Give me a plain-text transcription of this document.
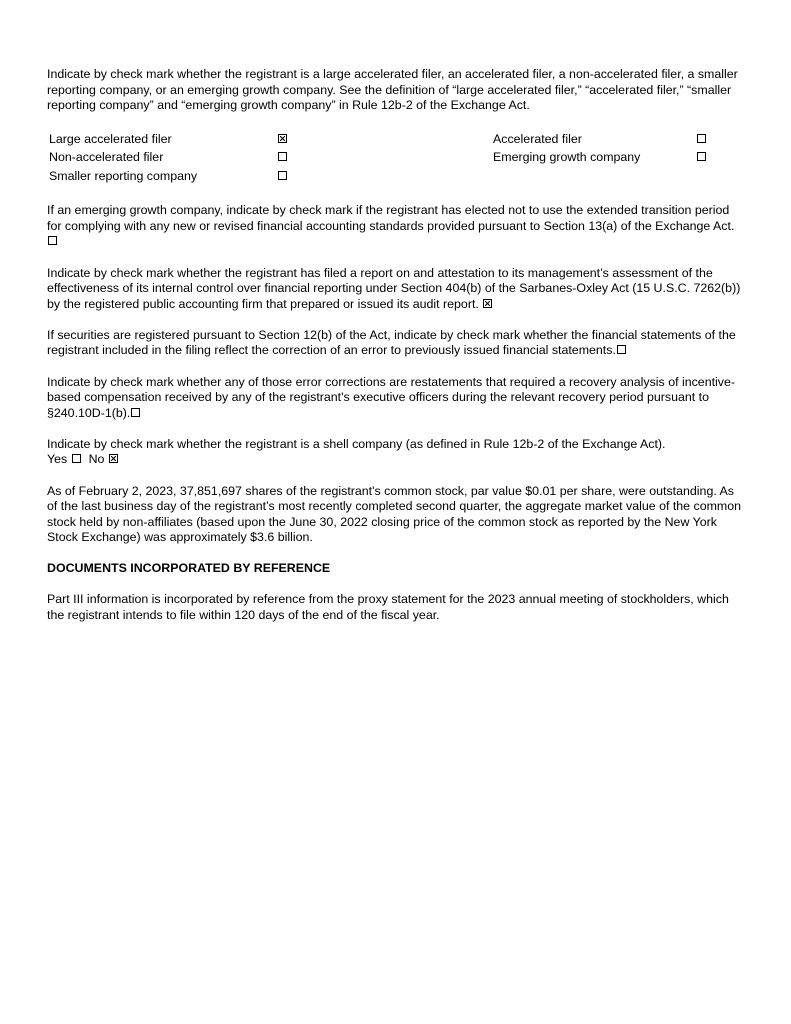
Indicate by check mark whether the registrant is a large accelerated filer, an accelerated filer, a non-accelerated filer, a smaller reporting company, or an emerging growth company. See the definition of “large accelerated filer,” “accelerated filer,” “smaller reporting company” and “emerging growth company” in Rule 12b-2 of the Exchange Act.

Large accelerated filer		Accelerated filer	
Non-accelerated filer		Emerging growth company	
Smaller reporting company			

If an emerging growth company, indicate by check mark if the registrant has elected not to use the extended transition period for complying with any new or revised financial accounting standards provided pursuant to Section 13(a) of the Exchange Act.

Indicate by check mark whether the registrant has filed a report on and attestation to its management’s assessment of the effectiveness of its internal control over financial reporting under Section 404(b) of the Sarbanes-Oxley Act (15 U.S.C. 7262(b)) by the registered public accounting firm that prepared or issued its audit report.

If securities are registered pursuant to Section 12(b) of the Act, indicate by check mark whether the financial statements of the registrant included in the filing reflect the correction of an error to previously issued financial statements.

Indicate by check mark whether any of those error corrections are restatements that required a recovery analysis of incentive-based compensation received by any of the registrant's executive officers during the relevant recovery period pursuant to §240.10D-1(b).

Indicate by check mark whether the registrant is a shell company (as defined in Rule 12b-2 of the Exchange Act).
Yes No

As of February 2, 2023, 37,851,697 shares of the registrant's common stock, par value $0.01 per share, were outstanding. As of the last business day of the registrant’s most recently completed second quarter, the aggregate market value of the common stock held by non-affiliates (based upon the June 30, 2022 closing price of the common stock as reported by the New York Stock Exchange) was approximately $3.6 billion.

DOCUMENTS INCORPORATED BY REFERENCE

Part III information is incorporated by reference from the proxy statement for the 2023 annual meeting of stockholders, which the registrant intends to file within 120 days of the end of the fiscal year.
